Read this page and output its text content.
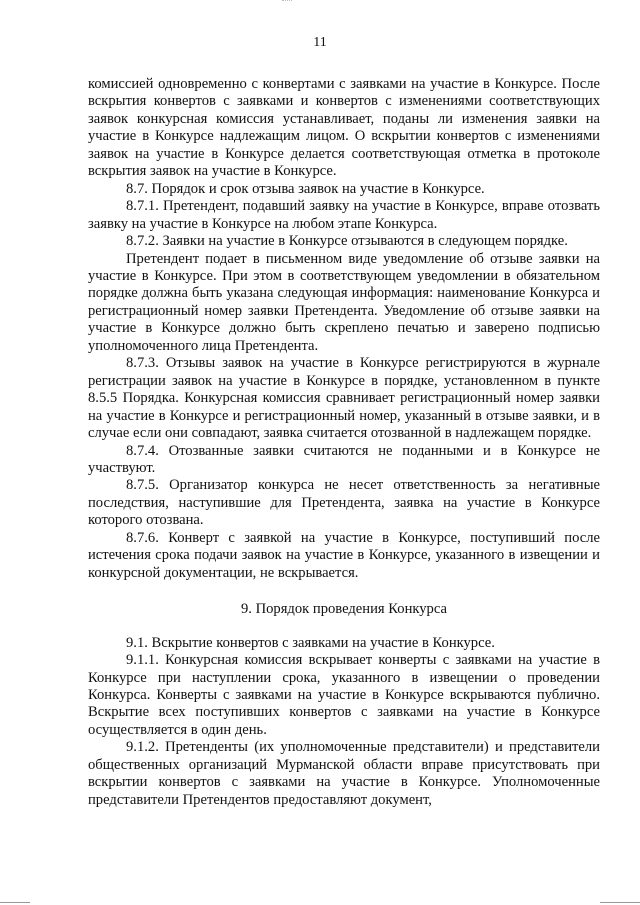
11

комиссией одновременно с конвертами с заявками на участие в Конкурсе. После вскрытия конвертов с заявками и конвертов с изменениями соответствующих заявок конкурсная комиссия устанавливает, поданы ли изменения заявки на участие в Конкурсе надлежащим лицом. О вскрытии конвертов с изменениями заявок на участие в Конкурсе делается соответствующая отметка в протоколе вскрытия заявок на участие в Конкурсе.

8.7. Порядок и срок отзыва заявок на участие в Конкурсе.

8.7.1. Претендент, подавший заявку на участие в Конкурсе, вправе отозвать заявку на участие в Конкурсе на любом этапе Конкурса.

8.7.2. Заявки на участие в Конкурсе отзываются в следующем порядке.

Претендент подает в письменном виде уведомление об отзыве заявки на участие в Конкурсе. При этом в соответствующем уведомлении в обязательном порядке должна быть указана следующая информация: наименование Конкурса и регистрационный номер заявки Претендента. Уведомление об отзыве заявки на участие в Конкурсе должно быть скреплено печатью и заверено подписью уполномоченного лица Претендента.

8.7.3. Отзывы заявок на участие в Конкурсе регистрируются в журнале регистрации заявок на участие в Конкурсе в порядке, установленном в пункте 8.5.5 Порядка. Конкурсная комиссия сравнивает регистрационный номер заявки на участие в Конкурсе и регистрационный номер, указанный в отзыве заявки, и в случае если они совпадают, заявка считается отозванной в надлежащем порядке.

8.7.4. Отозванные заявки считаются не поданными и в Конкурсе не участвуют.

8.7.5. Организатор конкурса не несет ответственность за негативные последствия, наступившие для Претендента, заявка на участие в Конкурсе которого отозвана.

8.7.6. Конверт с заявкой на участие в Конкурсе, поступивший после истечения срока подачи заявок на участие в Конкурсе, указанного в извещении и конкурсной документации, не вскрывается.

9. Порядок проведения Конкурса

9.1. Вскрытие конвертов с заявками на участие в Конкурсе.

9.1.1. Конкурсная комиссия вскрывает конверты с заявками на участие в Конкурсе при наступлении срока, указанного в извещении о проведении Конкурса. Конверты с заявками на участие в Конкурсе вскрываются публично. Вскрытие всех поступивших конвертов с заявками на участие в Конкурсе осуществляется в один день.

9.1.2. Претенденты (их уполномоченные представители) и представители общественных организаций Мурманской области вправе присутствовать при вскрытии конвертов с заявками на участие в Конкурсе. Уполномоченные представители Претендентов предоставляют документ,
